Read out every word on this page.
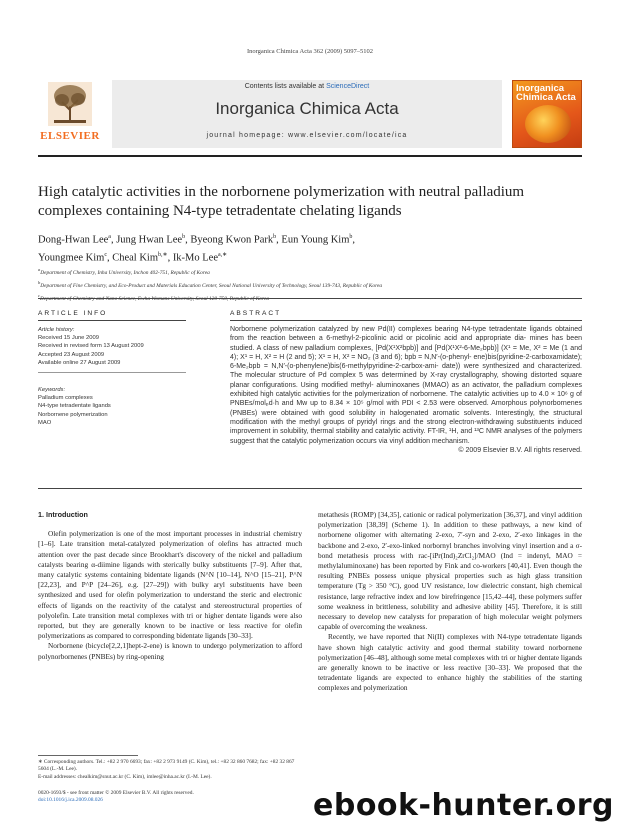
Inorganica Chimica Acta 362 (2009) 5097–5102
ELSEVIER
Contents lists available at ScienceDirect
Inorganica Chimica Acta
journal homepage: www.elsevier.com/locate/ica
Inorganica Chimica Acta
High catalytic activities in the norbornene polymerization with neutral palladium complexes containing N4-type tetradentate chelating ligands
Dong-Hwan Lee$^a$, Jung Hwan Lee$^b$, Byeong Kwon Park$^b$, Eun Young Kim$^b$,
Youngmee Kim$^c$, Cheal Kim$^{b,∗}$, Ik-Mo Lee$^{a,∗}$
$^a$Department of Chemistry, Inha University, Inchon 402-751, Republic of Korea
$^b$Department of Fine Chemistry, and Eco-Product and Materials Education Center, Seoul National University of Technology, Seoul 139-743, Republic of Korea
$^c$
ARTICLE INFO	ABSTRACT
Article history:
Received 15 June 2009
Received in revised form 13 August 2009
Accepted 23 August 2009
Available online 27 August 2009
Keywords:
Palladium complexes
N4-type tetradentate ligands
Norbornene polymerization
MAO
Norbornene polymerization catalyzed by new Pd(II) complexes bearing N4-type tetradentate ligands obtained from the reaction between a 6-methyl-2-picolinic acid or picolinic acid and appropriate dia- mines has been studied. A class of new palladium complexes, [Pd(X¹X²bpb)] and [Pd(X¹X²-6-Me₂bpb)] (X¹ = Me, X² = Me (1 and 4); X¹ = H, X² = H (2 and 5); X¹ = H, X² = NO₂ (3 and 6); bpb = N,N′-(o-phenyl- ene)bis(pyridine-2-carboxamidate); 6-Me₂bpb = N,N′-(o-phenylene)bis(6-methylpyridine-2-carbox-ami- date)) were synthesized and characterized. The molecular structure of Pd complex 5 was determined by X-ray crystallography, showing distorted square planar configurations. Using modified methyl- aluminoxanes (MMAO) as an activator, the palladium complexes exhibited high catalytic activities for the polymerization of norbornene. The catalytic activities up to 4.0 × 10⁶ g of PNBEs/molₚd·h and Mw up to 8.34 × 10⁵ g/mol with PDI < 2.53 were observed. Amorphous polynorbornenes (PNBEs) were obtained with good solubility in halogenated aromatic solvents. Interestingly, the structural modification with the methyl groups of pyridyl rings and the strong electron-withdrawing substituents induced improvement in solubility, thermal stability and catalytic activity. FT-IR, ¹H, and ¹³C NMR analyses of the polymers suggest that the catalytic polymerization occurs via vinyl addition mechanism.
© 2009 Elsevier B.V. All rights reserved.
1. Introduction

Olefin polymerization is one of the most important processes in industrial chemistry [1–6]. Late transition metal-catalyzed polymerization of olefins has attracted much attention over the past decade since Brookhart's discovery of the nickel and palladium catalysts bearing α-diimine ligands with sterically bulky substituents [7–9]. After that, many catalytic systems containing bidentate ligands (N^N [10–14], N^O [15–21], P^N [22,23], and P^P [24–26], e.g. [27–29]) with bulky aryl substituents have been synthesized and used for olefin polymerization to understand the steric and electronic effects of ligands on the reactivity of the catalyst and stereostructural properties of polyolefin. Late transition metal complexes with tri or higher dentate ligands were also reported, but they are generally known to be inactive or less reactive for olefin polymerizations as compared to corresponding bidentate ligands [30–33].

Norbornene (bicycle[2,2,1]hept-2-ene) is known to undergo polymerization to afford polynorbornenes (PNBEs) by ring-opening

metathesis (ROMP) [34,35], cationic or radical polymerization [36,37], and vinyl addition polymerization [38,39] (Scheme 1). In addition to these pathways, a new kind of norbornene oligomer with alternating 2-exo, 7′-syn and 2-exo, 2′-exo linkages in the backbone and 2-exo, 2′-exo-linked norbornyl branches involving vinyl insertion and a σ-bond metathesis process with rac-[iPr(Ind)₂ZrCl₂]/MAO (Ind = indenyl, MAO = methylaluminoxane) has been reported by Fink and co-workers [40,41]. Even though the resulting PNBEs possess unique physical properties such as high glass transition temperature (Tg > 350 °C), good UV resistance, low dielectric constant, high chemical resistance, large refractive index and low birefringence [15,42–44], these polymers suffer some weakness in brittleness, solubility and adhesive ability [45]. Therefore, it is still necessary to develop new catalysts for preparation of high molecular weight polymers capable of overcoming the weakness.

Recently, we have reported that Ni(II) complexes with N4-type tetradentate ligands have shown high catalytic activity and good thermal stability toward norbornene polymerization [46–48], although some metal complexes with tri or higher dentate ligands are generally known to be inactive or less reactive [30–33]. We proposed that the tetradentate ligands are expected to enhance highly the stabilities of the starting complexes and polymerization

∗ Corresponding authors. Tel.: +82 2 970 6693; fax: +82 2 973 9149 (C. Kim), tel.: +82 32 860 7682; fax: +82 32 867 5604 (L.-M. Lee).
E-mail addresses: chealkim@snut.ac.kr (C. Kim), imlee@inha.ac.kr (I.-M. Lee).
0020-1693/$ - see front matter © 2009 Elsevier B.V. All rights reserved.
doi:10.1016/j.ica.2009.08.026	ebook-hunter.org
